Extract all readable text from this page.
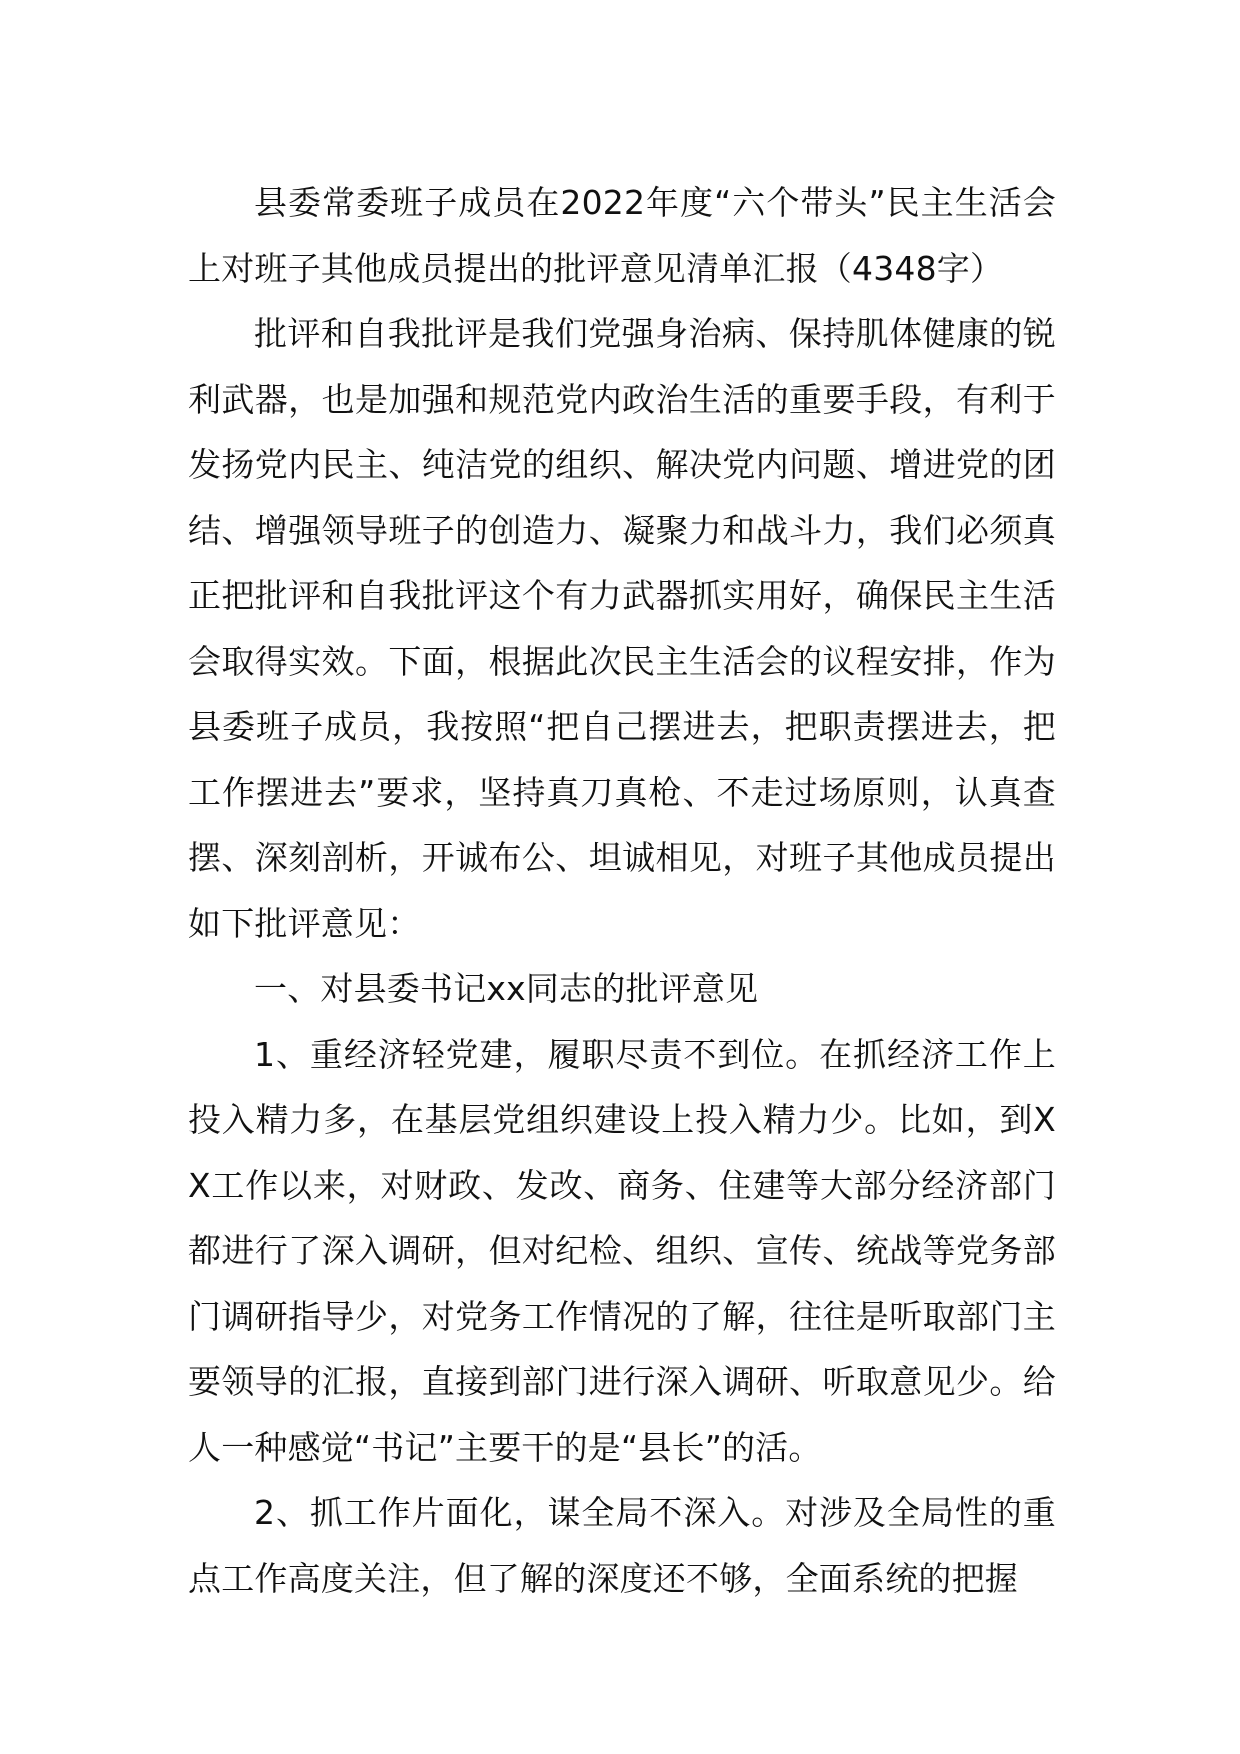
县委常委班子成员在2022年度“六个带头”民主生活会上对班子其他成员提出的批评意见清单汇报（4348字）

批评和自我批评是我们党强身治病、保持肌体健康的锐利武器，也是加强和规范党内政治生活的重要手段，有利于发扬党内民主、纯洁党的组织、解决党内问题、增进党的团结、增强领导班子的创造力、凝聚力和战斗力，我们必须真正把批评和自我批评这个有力武器抓实用好，确保民主生活会取得实效。下面，根据此次民主生活会的议程安排，作为县委班子成员，我按照“把自己摆进去，把职责摆进去，把工作摆进去”要求，坚持真刀真枪、不走过场原则，认真查摆、深刻剖析，开诚布公、坦诚相见，对班子其他成员提出如下批评意见：

一、对县委书记xx同志的批评意见

1、重经济轻党建，履职尽责不到位。在抓经济工作上投入精力多，在基层党组织建设上投入精力少。比如，到XX工作以来，对财政、发改、商务、住建等大部分经济部门都进行了深入调研，但对纪检、组织、宣传、统战等党务部门调研指导少，对党务工作情况的了解，往往是听取部门主要领导的汇报，直接到部门进行深入调研、听取意见少。给人一种感觉“书记”主要干的是“县长”的活。

2、抓工作片面化，谋全局不深入。对涉及全局性的重点工作高度关注，但了解的深度还不够，全面系统的把握
